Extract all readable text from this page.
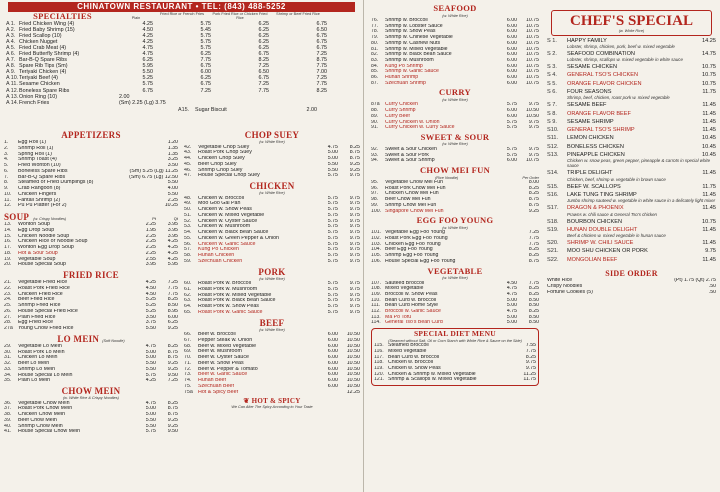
CHINATOWN RESTAURANT • TEL: (843) 488-5252
SPECIALTIES	Plain
Fried Rice or French Fries	Pork Fried Rice or Chicken Fried Rice
Shrimp or Beef Fried Rice
A 1. Fried Chicken Wing (4)	4.25	5.75	6.25	6.75
A 2. Fried Baby Shrimp (15)	4.50	5.45	6.25	6.50
A 3. Fried Scallop (10)	4.25	5.75	6.25	6.75
A 4. Chicken Nugget	4.25	5.75	6.25	6.75
A 5. Fried Crab Meat (4)	4.75	5.75	6.25	6.75
A 6. Fried Butterfly Shrimp (4)	4.75	6.25	6.75	7.25
A 7. Bar-B-Q Spare Ribs	6.25	7.75	8.25	8.75
A 8. Spare Rib Tips (Sm)	5.95	6.75	7.25	7.75
A 9. Teriyaki Chicken (4)	5.50	6.00	6.50	7.00
A 10. Teriyaki Beef (4)	5.25	6.25	6.75	7.25
A 11. Sesame Chicken	5.75	6.75	7.25	7.75
A 12. Boneless Spare Ribs	6.75	7.25	7.75	8.25
A 13. Onion Ring (10)	2.00
A 14. French Fries	(Sm) 2.25 (Lg) 3.75
A15.	Sugar Biscuit	2.00
APPETIZERS
1.	Egg Roll (1)	1.20
2.	Shrimp Roll (1)	1.35
3.	Spring Roll (1)	1.35
4.	Shrimp Toast (4)	3.25
5.	Fried Wonton (10)	3.50
6.	Boneless Spare Ribs	(Sm) 5.25 (Lg) 11.25
7.	Bar-B-Q Spare Ribs	(Sm) 6.75 (Lg) 12.50
8.	Steamed or Fried Dumplings (8)	5.50
9.	Crab Rangoon (8)	4.00
10.	Chicken Fingers	5.50
11.	Fantail Shrimp (2)	2.25
12.	Pu Pu Platter (For 2)	10.25
SOUP (w. Crispy Noodles)	Pt	Qt
13.	Wonton Soup	2.25	3.95
14.	Egg Drop Soup	1.95	3.95
15.	Chicken Noodle Soup	2.25	3.95
16.	Chicken Rice or Noodle Soup	2.25	4.25
17.	Wonton Egg Drop Soup	2.25	4.25
18.	Hot & Sour Soup	2.25	4.25
19.	Vegetable Soup	2.55	4.25
20.	House Special Soup	3.95	5.95
FRIED RICE
21.	Vegetable Fried Rice	4.25	7.25
22.	Roast Pork Fried Rice	4.50	7.75
23.	Chicken Fried Rice	4.50	7.75
24.	Beef Fried Rice	5.25	8.25
25.	Shrimp Fried Rice	5.25	8.50
26.	House Special Fried Rice	5.25	8.95
27.	Plain Fried Rice	3.50	6.00
28.	Egg Fried Rice	3.75	6.25
27a Young Chow Fried Rice	5.50	9.25
LO MEIN (Soft Noodle)
29.	Vegetable Lo Mein	4.75	8.25
30.	Roast Pork Lo Mein	5.00	8.75
31.	Chicken Lo Mein	5.00	8.75
32.	Beef Lo Mein	5.50	9.25
33.	Shrimp Lo Mein	5.50	9.25
34.	House Special Lo Mein	5.75	9.50
35.	Plain Lo Mein	4.25	7.25
CHOW MEIN
(w. White Rice & Crispy Noodles)
36.	Vegetable Chow Mein	4.75	8.25
37.	Roast Pork Chow Mein	5.00	8.75
38.	Chicken Chow Mein	5.00	8.75
39.	Beef Chow Mein	5.50	9.25
40.	Shrimp Chow Mein	5.50	9.25
41.	House Special Chow Mein	5.75	9.50
CHOP SUEY
(w. White Rice)
42.	Vegetable Chop Suey	4.75	8.25
43.	Roast Pork Chop Suey	5.00	8.75
44.	Chicken Chop Suey	5.00	8.75
45.	Beef Chop Suey	5.50	9.25
46.	Shrimp Chop Suey	5.50	9.25
47.	House Special Chop Suey	5.75	9.75
CHICKEN
(w. White Rice)
48.	Chicken w. Broccoli	5.75	9.75
49.	Moo Goo Gai Pan	5.75	9.75
50.	Chicken w. Snow Peas	5.75	9.75
51.	Chicken w. Mixed Vegetable	5.75	9.75
52.	Chicken w. Oyster Sauce	5.75	9.75
53.	Chicken w. Mushroom	5.75	9.75
54.	Chicken w. Black Bean Sauce	5.75	9.75
55.	Chicken w. Green Pepper & Onion	5.75	9.75
56.	Chicken w. Garlic Sauce	5.75	9.75
57.	Kung Po Chicken	5.75	9.75
58.	Hunan Chicken	5.75	9.75
59.	Szechuan Chicken	5.75	9.75
PORK
(w. White Rice)
60.	Roast Pork w. Broccoli	5.75	9.75
61.	Roast Pork w. Mushroom	5.75	9.75
62.	Roast Pork w. Mixed Vegetable	5.75	9.75
63.	Roast Pork w. Black Bean Sauce	5.75	9.75
64.	Roast Pork w. Snow Peas	5.75	9.75
65.	Roast Pork w. Garlic Sauce	5.75	9.75
BEEF
(w. White Rice)
66.	Beef w. Broccoli	6.00	10.50
67.	Pepper Steak w. Onion	6.00	10.50
68.	Beef w. Mixed Vegetable	6.00	10.50
69.	Beef w. Mushroom	6.00	10.50
70.	Beef w. Oyster Sauce	6.00	10.50
71.	Beef w. Snow Peas	6.00	10.50
72.	Beef w. Pepper & Tomato	6.00	10.50
73.	Beef w. Garlic Sauce	6.00	10.50
74.	Hunan Beef	6.00	10.50
75.	Szechuan Beef	6.00	10.50
75a Hot & Spicy Beef	12.25
❦ HOT & SPICY
We Can Alter The Spicy According to Your Taste
SEAFOOD
(w. White Rice)
76.	Shrimp w. Broccoli	6.00	10.75
77.	Shrimp w. Lobster Sauce	6.00	10.75
78.	Shrimp w. Snow Peas	6.00	10.75
79.	Shrimp w. Chinese Vegetable	6.00	10.75
80.	Shrimp w. Cashew Nuts	6.00	10.75
81.	Shrimp w. Mixed Vegetable	6.00	10.75
82.	Shrimp w. Black Bean Sauce	6.00	10.75
83.	Shrimp w. Mushroom	6.00	10.75
84.	Kung Po Shrimp	6.00	10.75
85.	Shrimp w. Garlic Sauce	6.00	10.75
86.	Hunan Shrimp	6.00	10.75
87.	Szechuan Shrimp	6.00	10.75
CURRY
(w. White Rice)
87a	Curry Chicken	5.75	9.75
88.	Curry Shrimp	6.00	10.50
89.	Curry Beef	6.00	10.50
90.	Curry Chicken w. Onion	5.75	9.75
91.	Curry Chicken w. Curry Sauce	5.75	9.75
SWEET & SOUR
(w. White Rice)
92.	Sweet & Sour Chicken	5.75	9.75
93.	Sweet & Sour Pork	5.75	9.75
94.	Sweet & Sour Shrimp	6.00	10.75
CHOW MEI FUN
(Rice Noodle)	Per Order
95.	Vegetable Chow Mei Fun	8.00
96.	Roast Pork Chow Mei Fun	8.25
97.	Chicken Chow Mei Fun	8.25
98.	Beef Chow Mei Fun	8.75
99.	Shrimp Chow Mei Fun	8.75
100. Singapore Chow Mei Fun	9.25
EGG FOO YOUNG
(w. White Rice)
101. Vegetable Egg Foo Young	7.25
102. Roast Pork Egg Foo Young	7.75
103. Chicken Egg Foo Young	7.75
104. Beef Egg Foo Young	8.25
105. Shrimp Egg Foo Young	8.25
106. House Special Egg Foo Young	8.75
VEGETABLE
(w. White Rice)
107. Sauteed Broccoli	4.50	7.75
108. Mixed Vegetable	4.75	8.25
109. Broccoli w. Snow Peas	4.75	8.25
110. Bean Curd w. Broccoli	5.00	8.50
111. Bean Curd Home Style	5.00	8.50
112. Broccoli w. Garlic Sauce	4.75	8.25
113. Ma Po Tofu	5.00	8.50
114. General Tso's Bean Curd	5.00	8.50
SPECIAL DIET MENU
(Steamed without Salt, Oil or Corn Starch with White Rice & Sauce on the Side)
115. Steamed Broccoli	7.55
116. Mixed Vegetable	7.75
117. Bean Curd w. Broccoli	8.25
118. Chicken w. Broccoli	9.75
119. Chicken w. Snow Peas	9.75
120. Chicken & Shrimp w. Mixed Vegetable	11.25
121. Shrimp & Scallops w. Mixed Vegetable	11.75
CHEF'S SPECIAL
(w. White Rice)
S 1.	HAPPY FAMILY	14.25
Lobster, shrimp, chicken, pork, beef w. mixed vegetable
S 2.	SEAFOOD COMBINATION	14.75
Lobster, shrimp, scallops w. mixed vegetable in white sauce
S 3.	SESAME CHICKEN	10.75
S 4.	GENERAL TSO'S CHICKEN	10.75
S 5.	ORANGE FLAVOR CHICKEN	10.75
S 6.	FOUR SEASONS	11.75
Shrimp, beef, chicken, roast pork w. mixed vegetable
S 7.	SESAME BEEF	11.45
S 8.	ORANGE FLAVOR BEEF	11.45
S 9.	SESAME SHRIMP	11.45
S10.	GENERAL TSO'S SHRIMP	11.45
S11.	LEMON CHICKEN	10.45
S12.	BONELESS CHICKEN	10.45
S13.	PINEAPPLE CHICKEN	10.45
Chicken w. snow peas, green pepper, pineapple & carrots in special white sauce
S14.	TRIPLE DELIGHT	11.45
Chicken, beef, shrimp w. vegetable in brown sauce
S15.	BEEF W. SCALLOPS	11.75
S16.	LAKE TUNG TING SHRIMP	11.45
Jumbo shrimp sauteed w. vegetable in white sauce in a delicately light mixer
S17.	DRAGON & PHOENIX	11.45
Prawns w. chili sauce & General Tso's chicken
S18.	BOURBON CHICKEN	10.75
S19.	HUNAN DOUBLE DELIGHT	11.45
Beef & chicken w. mixed vegetable in hunan sauce
S20.	SHRIMP W. CHILI SAUCE	11.45
S21.	MOO SHU CHICKEN OR PORK	9.75
S22.	MONGOLIAN BEEF	11.45
SIDE ORDER
White Rice	(Pt) 1.75 (Qt) 2.75
Crispy Noodles	.50
Fortune Cookies (5)	.50
